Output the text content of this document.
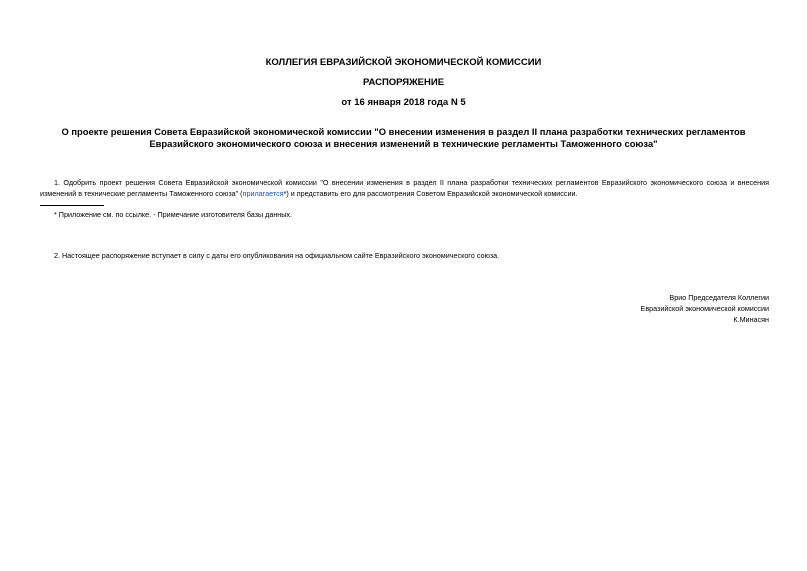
КОЛЛЕГИЯ ЕВРАЗИЙСКОЙ ЭКОНОМИЧЕСКОЙ КОМИССИИ
РАСПОРЯЖЕНИЕ
от 16 января 2018 года N 5
О проекте решения Совета Евразийской экономической комиссии "О внесении изменения в раздел II плана разработки технических регламентов Евразийского экономического союза и внесения изменений в технические регламенты Таможенного союза"
1. Одобрить проект решения Совета Евразийской экономической комиссии "О внесении изменения в раздел II плана разработки технических регламентов Евразийского экономического союза и внесения изменений в технические регламенты Таможенного союза" (прилагается*) и представить его для рассмотрения Советом Евразийской экономической комиссии.
* Приложение см. по ссылке. - Примечание изготовителя базы данных.
2. Настоящее распоряжение вступает в силу с даты его опубликования на официальном сайте Евразийского экономического союза.
Врио Председателя Коллегии
Евразийской экономической комиссии
К.Минасян
